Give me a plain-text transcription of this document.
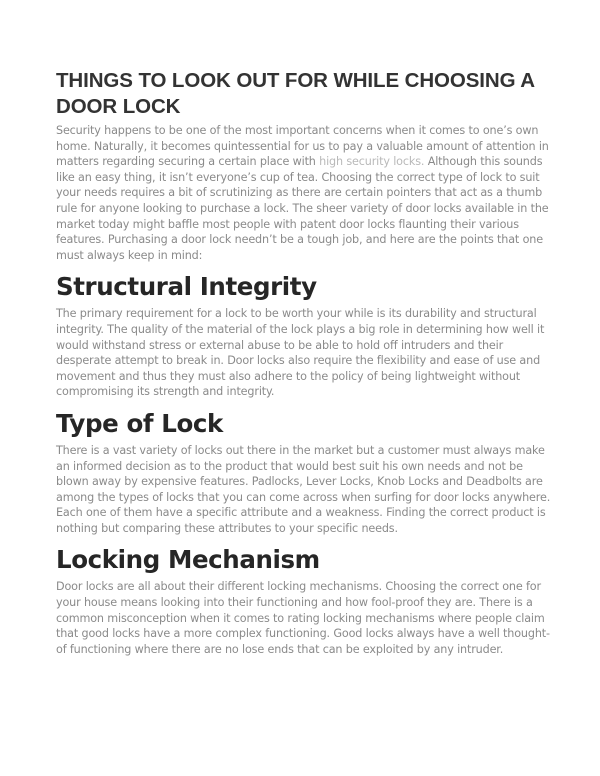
THINGS TO LOOK OUT FOR WHILE CHOOSING A DOOR LOCK

Security happens to be one of the most important concerns when it comes to one’s own home. Naturally, it becomes quintessential for us to pay a valuable amount of attention in matters regarding securing a certain place with high security locks. Although this sounds like an easy thing, it isn’t everyone’s cup of tea. Choosing the correct type of lock to suit your needs requires a bit of scrutinizing as there are certain pointers that act as a thumb rule for anyone looking to purchase a lock. The sheer variety of door locks available in the market today might baffle most people with patent door locks flaunting their various features. Purchasing a door lock needn’t be a tough job, and here are the points that one must always keep in mind:

Structural Integrity

The primary requirement for a lock to be worth your while is its durability and structural integrity. The quality of the material of the lock plays a big role in determining how well it would withstand stress or external abuse to be able to hold off intruders and their desperate attempt to break in. Door locks also require the flexibility and ease of use and movement and thus they must also adhere to the policy of being lightweight without compromising its strength and integrity.

Type of Lock

There is a vast variety of locks out there in the market but a customer must always make an informed decision as to the product that would best suit his own needs and not be blown away by expensive features. Padlocks, Lever Locks, Knob Locks and Deadbolts are among the types of locks that you can come across when surfing for door locks anywhere. Each one of them have a specific attribute and a weakness. Finding the correct product is nothing but comparing these attributes to your specific needs.

Locking Mechanism

Door locks are all about their different locking mechanisms. Choosing the correct one for your house means looking into their functioning and how fool-proof they are. There is a common misconception when it comes to rating locking mechanisms where people claim that good locks have a more complex functioning. Good locks always have a well thought-of functioning where there are no lose ends that can be exploited by any intruder.
